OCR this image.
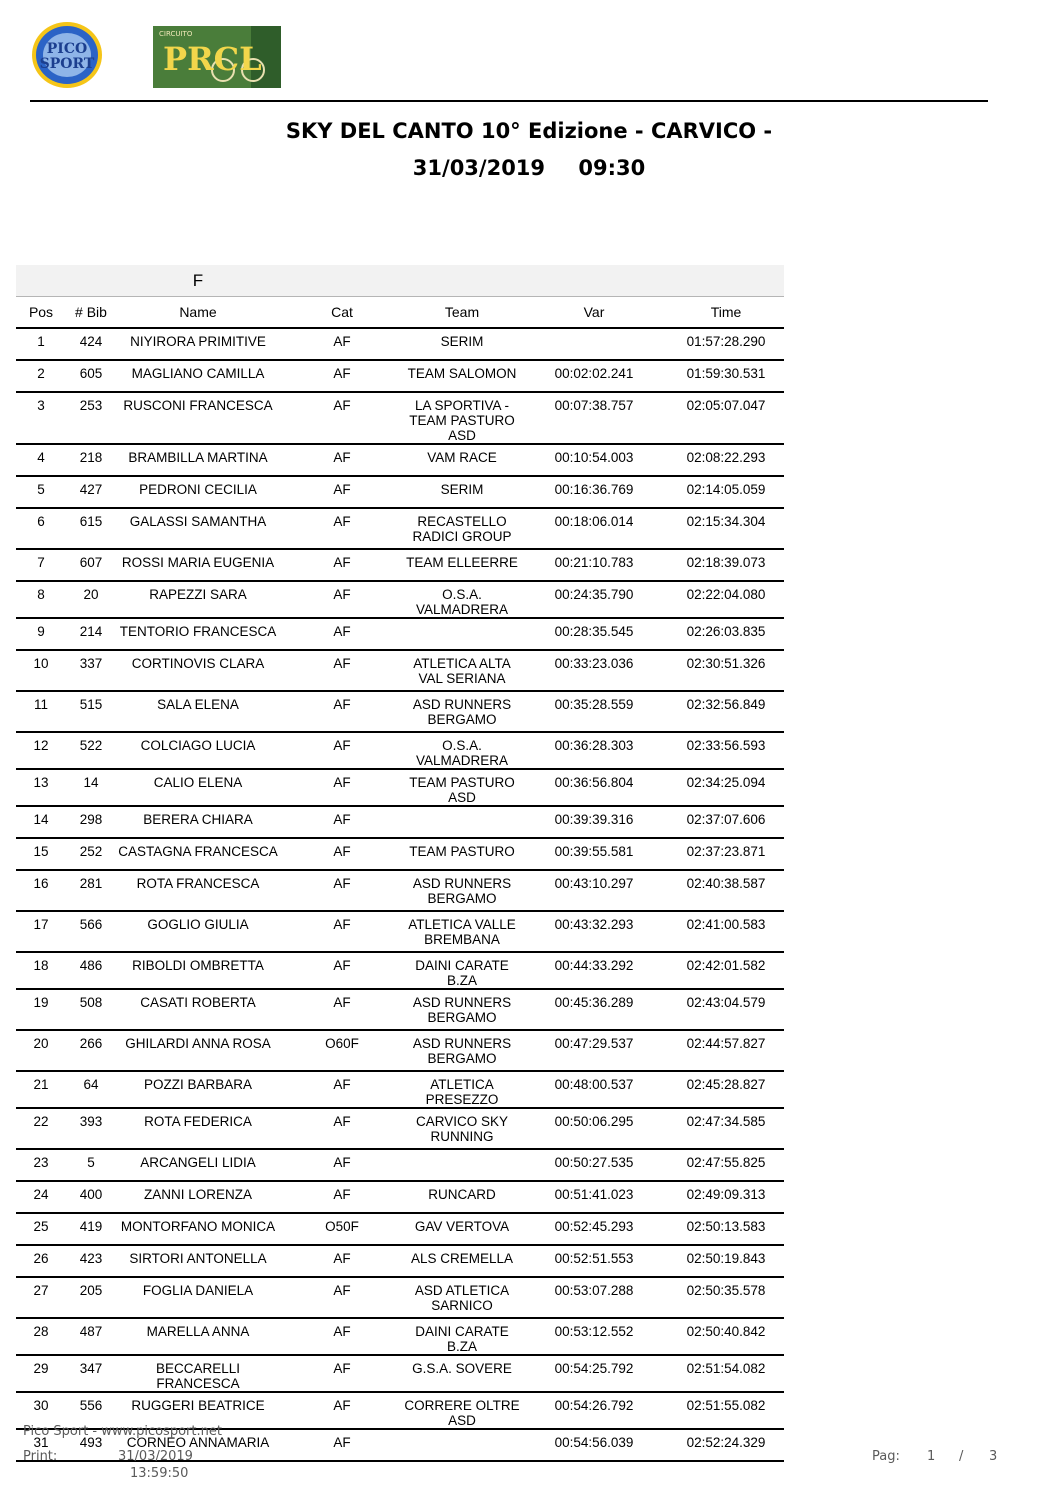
PICO
SPORT
CIRCUITO
PRCL
SKY DEL CANTO 10° Edizione - CARVICO -
31/03/2019 09:30
		F				
Pos	# Bib	Name	Cat	Team	Var	Time
1	424	NIYIRORA PRIMITIVE	AF	SERIM		01:57:28.290
2	605	MAGLIANO CAMILLA	AF	TEAM SALOMON	00:02:02.241	01:59:30.531
3	253	RUSCONI FRANCESCA	AF	LA SPORTIVA - TEAM PASTURO ASD	00:07:38.757	02:05:07.047
4	218	BRAMBILLA MARTINA	AF	VAM RACE	00:10:54.003	02:08:22.293
5	427	PEDRONI CECILIA	AF	SERIM	00:16:36.769	02:14:05.059
6	615	GALASSI SAMANTHA	AF	RECASTELLO RADICI GROUP	00:18:06.014	02:15:34.304
7	607	ROSSI MARIA EUGENIA	AF	TEAM ELLEERRE	00:21:10.783	02:18:39.073
8	20	RAPEZZI SARA	AF	O.S.A. VALMADRERA	00:24:35.790	02:22:04.080
9	214	TENTORIO FRANCESCA	AF		00:28:35.545	02:26:03.835
10	337	CORTINOVIS CLARA	AF	ATLETICA ALTA VAL SERIANA	00:33:23.036	02:30:51.326
11	515	SALA ELENA	AF	ASD RUNNERS BERGAMO	00:35:28.559	02:32:56.849
12	522	COLCIAGO LUCIA	AF	O.S.A. VALMADRERA	00:36:28.303	02:33:56.593
13	14	CALIO ELENA	AF	TEAM PASTURO ASD	00:36:56.804	02:34:25.094
14	298	BERERA CHIARA	AF		00:39:39.316	02:37:07.606
15	252	CASTAGNA FRANCESCA	AF	TEAM PASTURO	00:39:55.581	02:37:23.871
16	281	ROTA FRANCESCA	AF	ASD RUNNERS BERGAMO	00:43:10.297	02:40:38.587
17	566	GOGLIO GIULIA	AF	ATLETICA VALLE BREMBANA	00:43:32.293	02:41:00.583
18	486	RIBOLDI OMBRETTA	AF	DAINI CARATE B.ZA	00:44:33.292	02:42:01.582
19	508	CASATI ROBERTA	AF	ASD RUNNERS BERGAMO	00:45:36.289	02:43:04.579
20	266	GHILARDI ANNA ROSA	O60F	ASD RUNNERS BERGAMO	00:47:29.537	02:44:57.827
21	64	POZZI BARBARA	AF	ATLETICA PRESEZZO	00:48:00.537	02:45:28.827
22	393	ROTA FEDERICA	AF	CARVICO SKY RUNNING	00:50:06.295	02:47:34.585
23	5	ARCANGELI LIDIA	AF		00:50:27.535	02:47:55.825
24	400	ZANNI LORENZA	AF	RUNCARD	00:51:41.023	02:49:09.313
25	419	MONTORFANO MONICA	O50F	GAV VERTOVA	00:52:45.293	02:50:13.583
26	423	SIRTORI ANTONELLA	AF	ALS CREMELLA	00:52:51.553	02:50:19.843
27	205	FOGLIA DANIELA	AF	ASD ATLETICA SARNICO	00:53:07.288	02:50:35.578
28	487	MARELLA ANNA	AF	DAINI CARATE B.ZA	00:53:12.552	02:50:40.842
29	347	BECCARELLI FRANCESCA	AF	G.S.A. SOVERE	00:54:25.792	02:51:54.082
30	556	RUGGERI BEATRICE	AF	CORRERE OLTRE ASD	00:54:26.792	02:51:55.082
31	493	CORNEO ANNAMARIA	AF		00:54:56.039	02:52:24.329
Pico Sport - www.picosport.net
Print:	31/03/2019
13:59:50
Pag: 1 / 3
